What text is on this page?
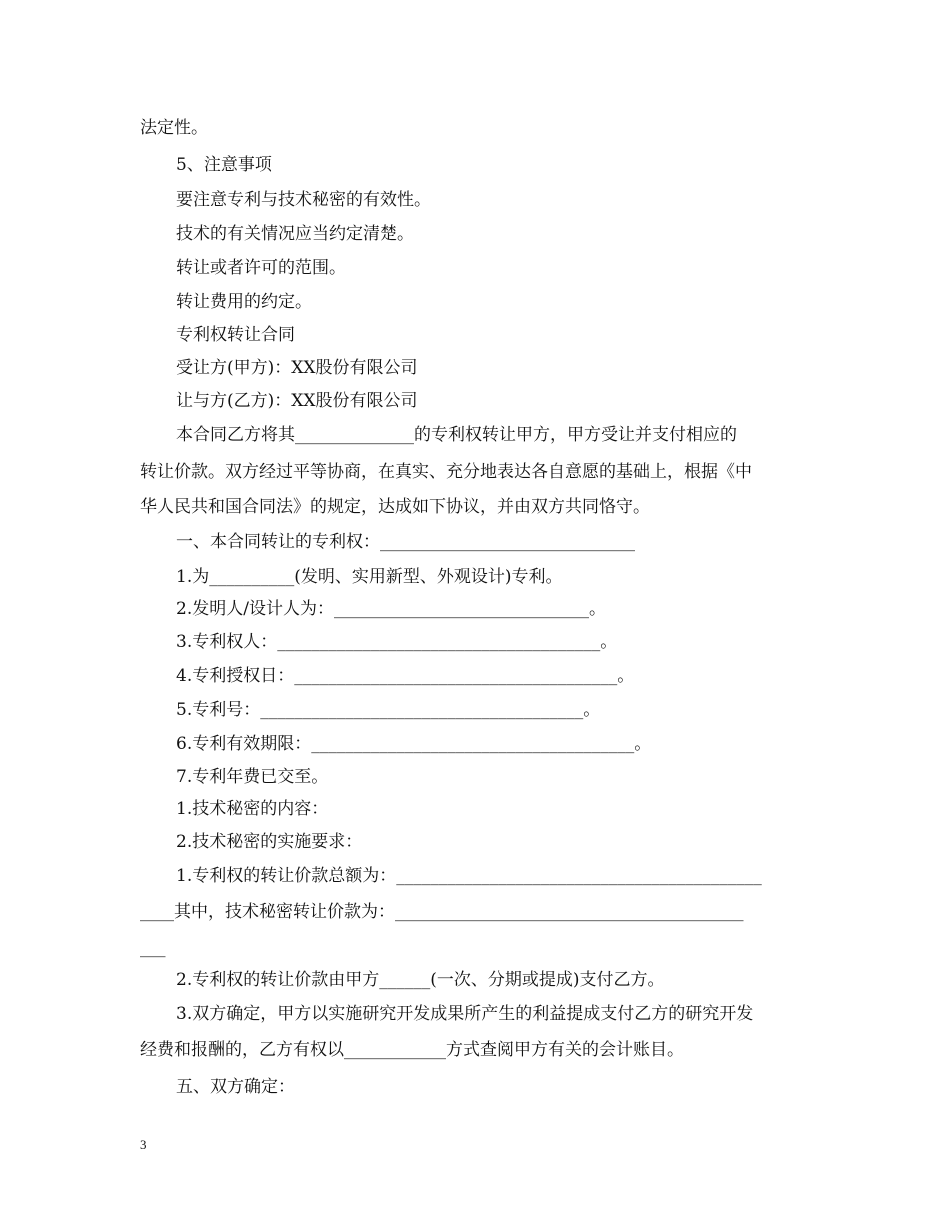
法定性。
5、注意事项
要注意专利与技术秘密的有效性。
技术的有关情况应当约定清楚。
转让或者许可的范围。
转让费用的约定。
专利权转让合同
受让方(甲方)：XX股份有限公司
让与方(乙方)：XX股份有限公司
本合同乙方将其______________的专利权转让甲方，甲方受让并支付相应的
转让价款。双方经过平等协商，在真实、充分地表达各自意愿的基础上，根据《中
华人民共和国合同法》的规定，达成如下协议，并由双方共同恪守。
一、本合同转让的专利权：______________________________
1.为__________(发明、实用新型、外观设计)专利。
2.发明人/设计人为：______________________________。
3.专利权人：______________________________________。
4.专利授权日：______________________________________。
5.专利号：______________________________________。
6.专利有效期限：______________________________________。
7.专利年费已交至。
1.技术秘密的内容：
2.技术秘密的实施要求：
1.专利权的转让价款总额为：___________________________________________
____其中，技术秘密转让价款为：_________________________________________
___
2.专利权的转让价款由甲方______(一次、分期或提成)支付乙方。
3.双方确定，甲方以实施研究开发成果所产生的利益提成支付乙方的研究开发
经费和报酬的，乙方有权以____________方式查阅甲方有关的会计账目。
五、双方确定：
3
